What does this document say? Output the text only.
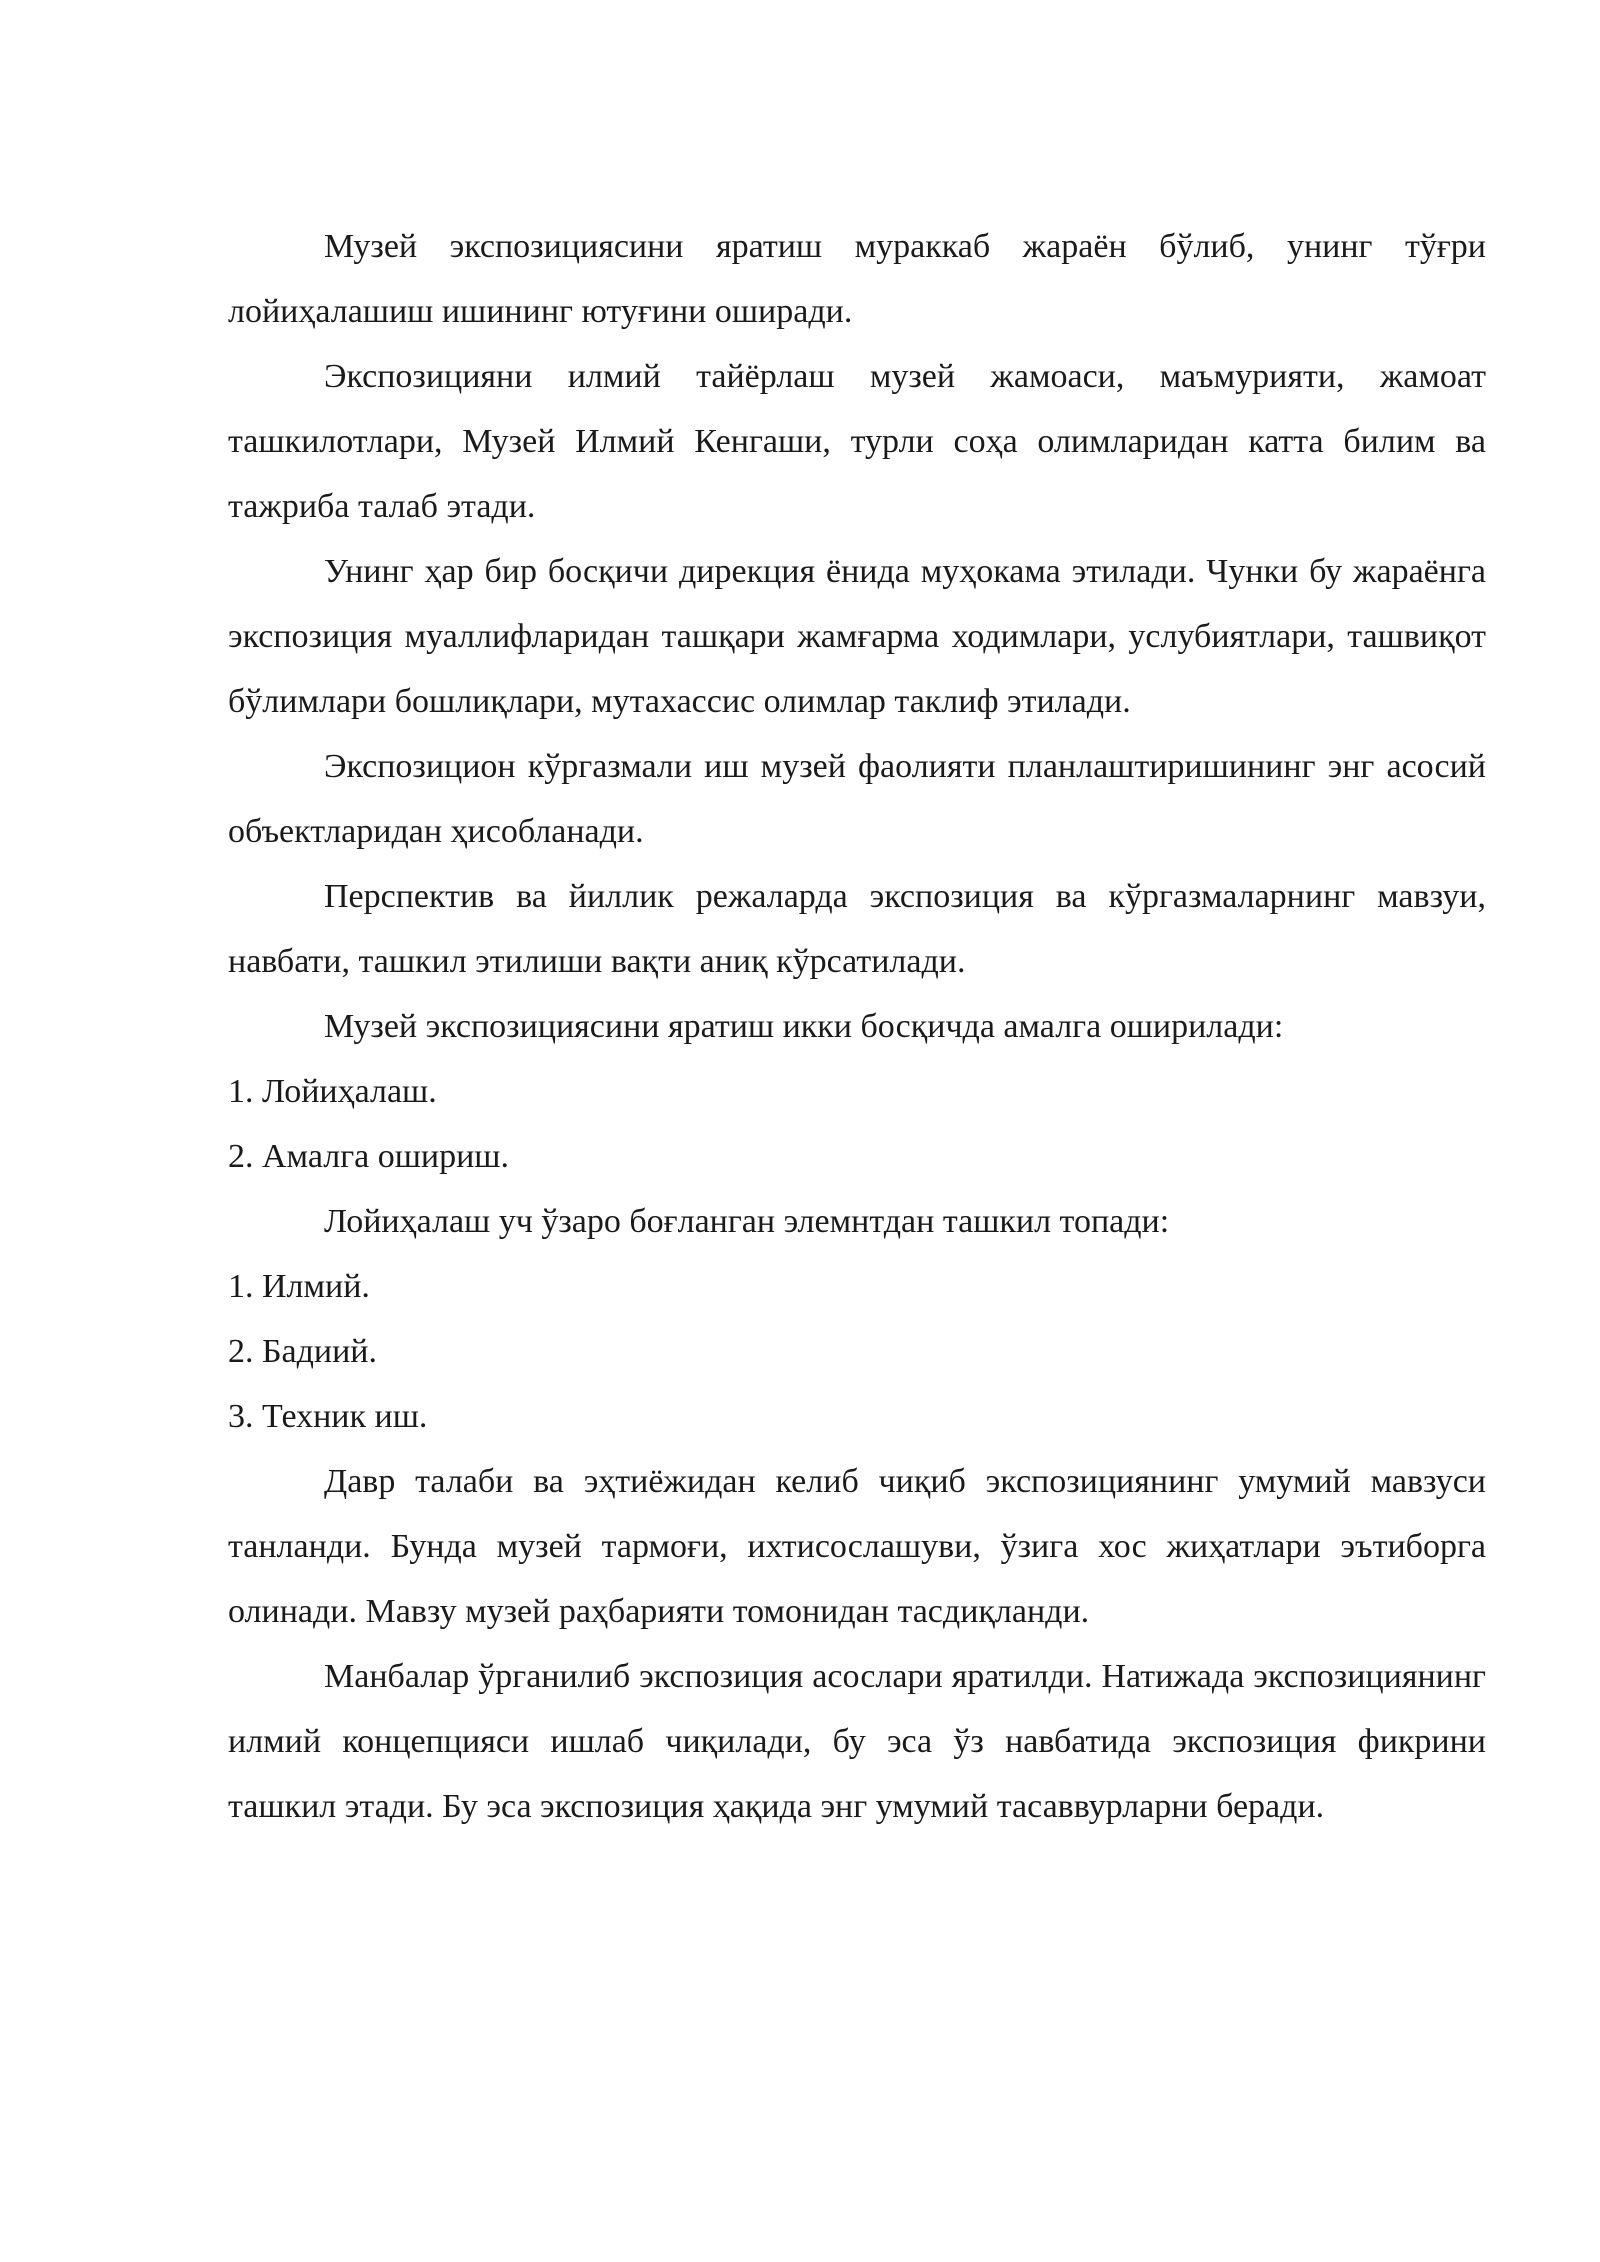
Музей экспозициясини яратиш мураккаб жараён бўлиб, унинг тўғри лойиҳалашиш ишининг ютуғини оширади.

Экспозицияни илмий тайёрлаш музей жамоаси, маъмурияти, жамоат ташкилотлари, Музей Илмий Кенгаши, турли соҳа олимларидан катта билим ва тажриба талаб этади.

Унинг ҳар бир босқичи дирекция ёнида муҳокама этилади. Чунки бу жараёнга экспозиция муаллифларидан ташқари жамғарма ходимлари, услубиятлари, ташвиқот бўлимлари бошлиқлари, мутахассис олимлар таклиф этилади.

Экспозицион кўргазмали иш музей фаолияти планлаштиришининг энг асосий объектларидан ҳисобланади.

Перспектив ва йиллик режаларда экспозиция ва кўргазмаларнинг мавзуи, навбати, ташкил этилиши вақти аниқ кўрсатилади.

Музей экспозициясини яратиш икки босқичда амалга оширилади:

1. Лойиҳалаш.

2. Амалга ошириш.

Лойиҳалаш уч ўзаро боғланган элемнтдан ташкил топади:

1. Илмий.

2. Бадиий.

3. Техник иш.

Давр талаби ва эҳтиёжидан келиб чиқиб экспозициянинг умумий мавзуси танланди. Бунда музей тармоғи, ихтисослашуви, ўзига хос жиҳатлари эътиборга олинади. Мавзу музей раҳбарияти томонидан тасдиқланди.

Манбалар ўрганилиб экспозиция асослари яратилди. Натижада экспозициянинг илмий концепцияси ишлаб чиқилади, бу эса ўз навбатида экспозиция фикрини ташкил этади. Бу эса экспозиция ҳақида энг умумий тасаввурларни беради.
